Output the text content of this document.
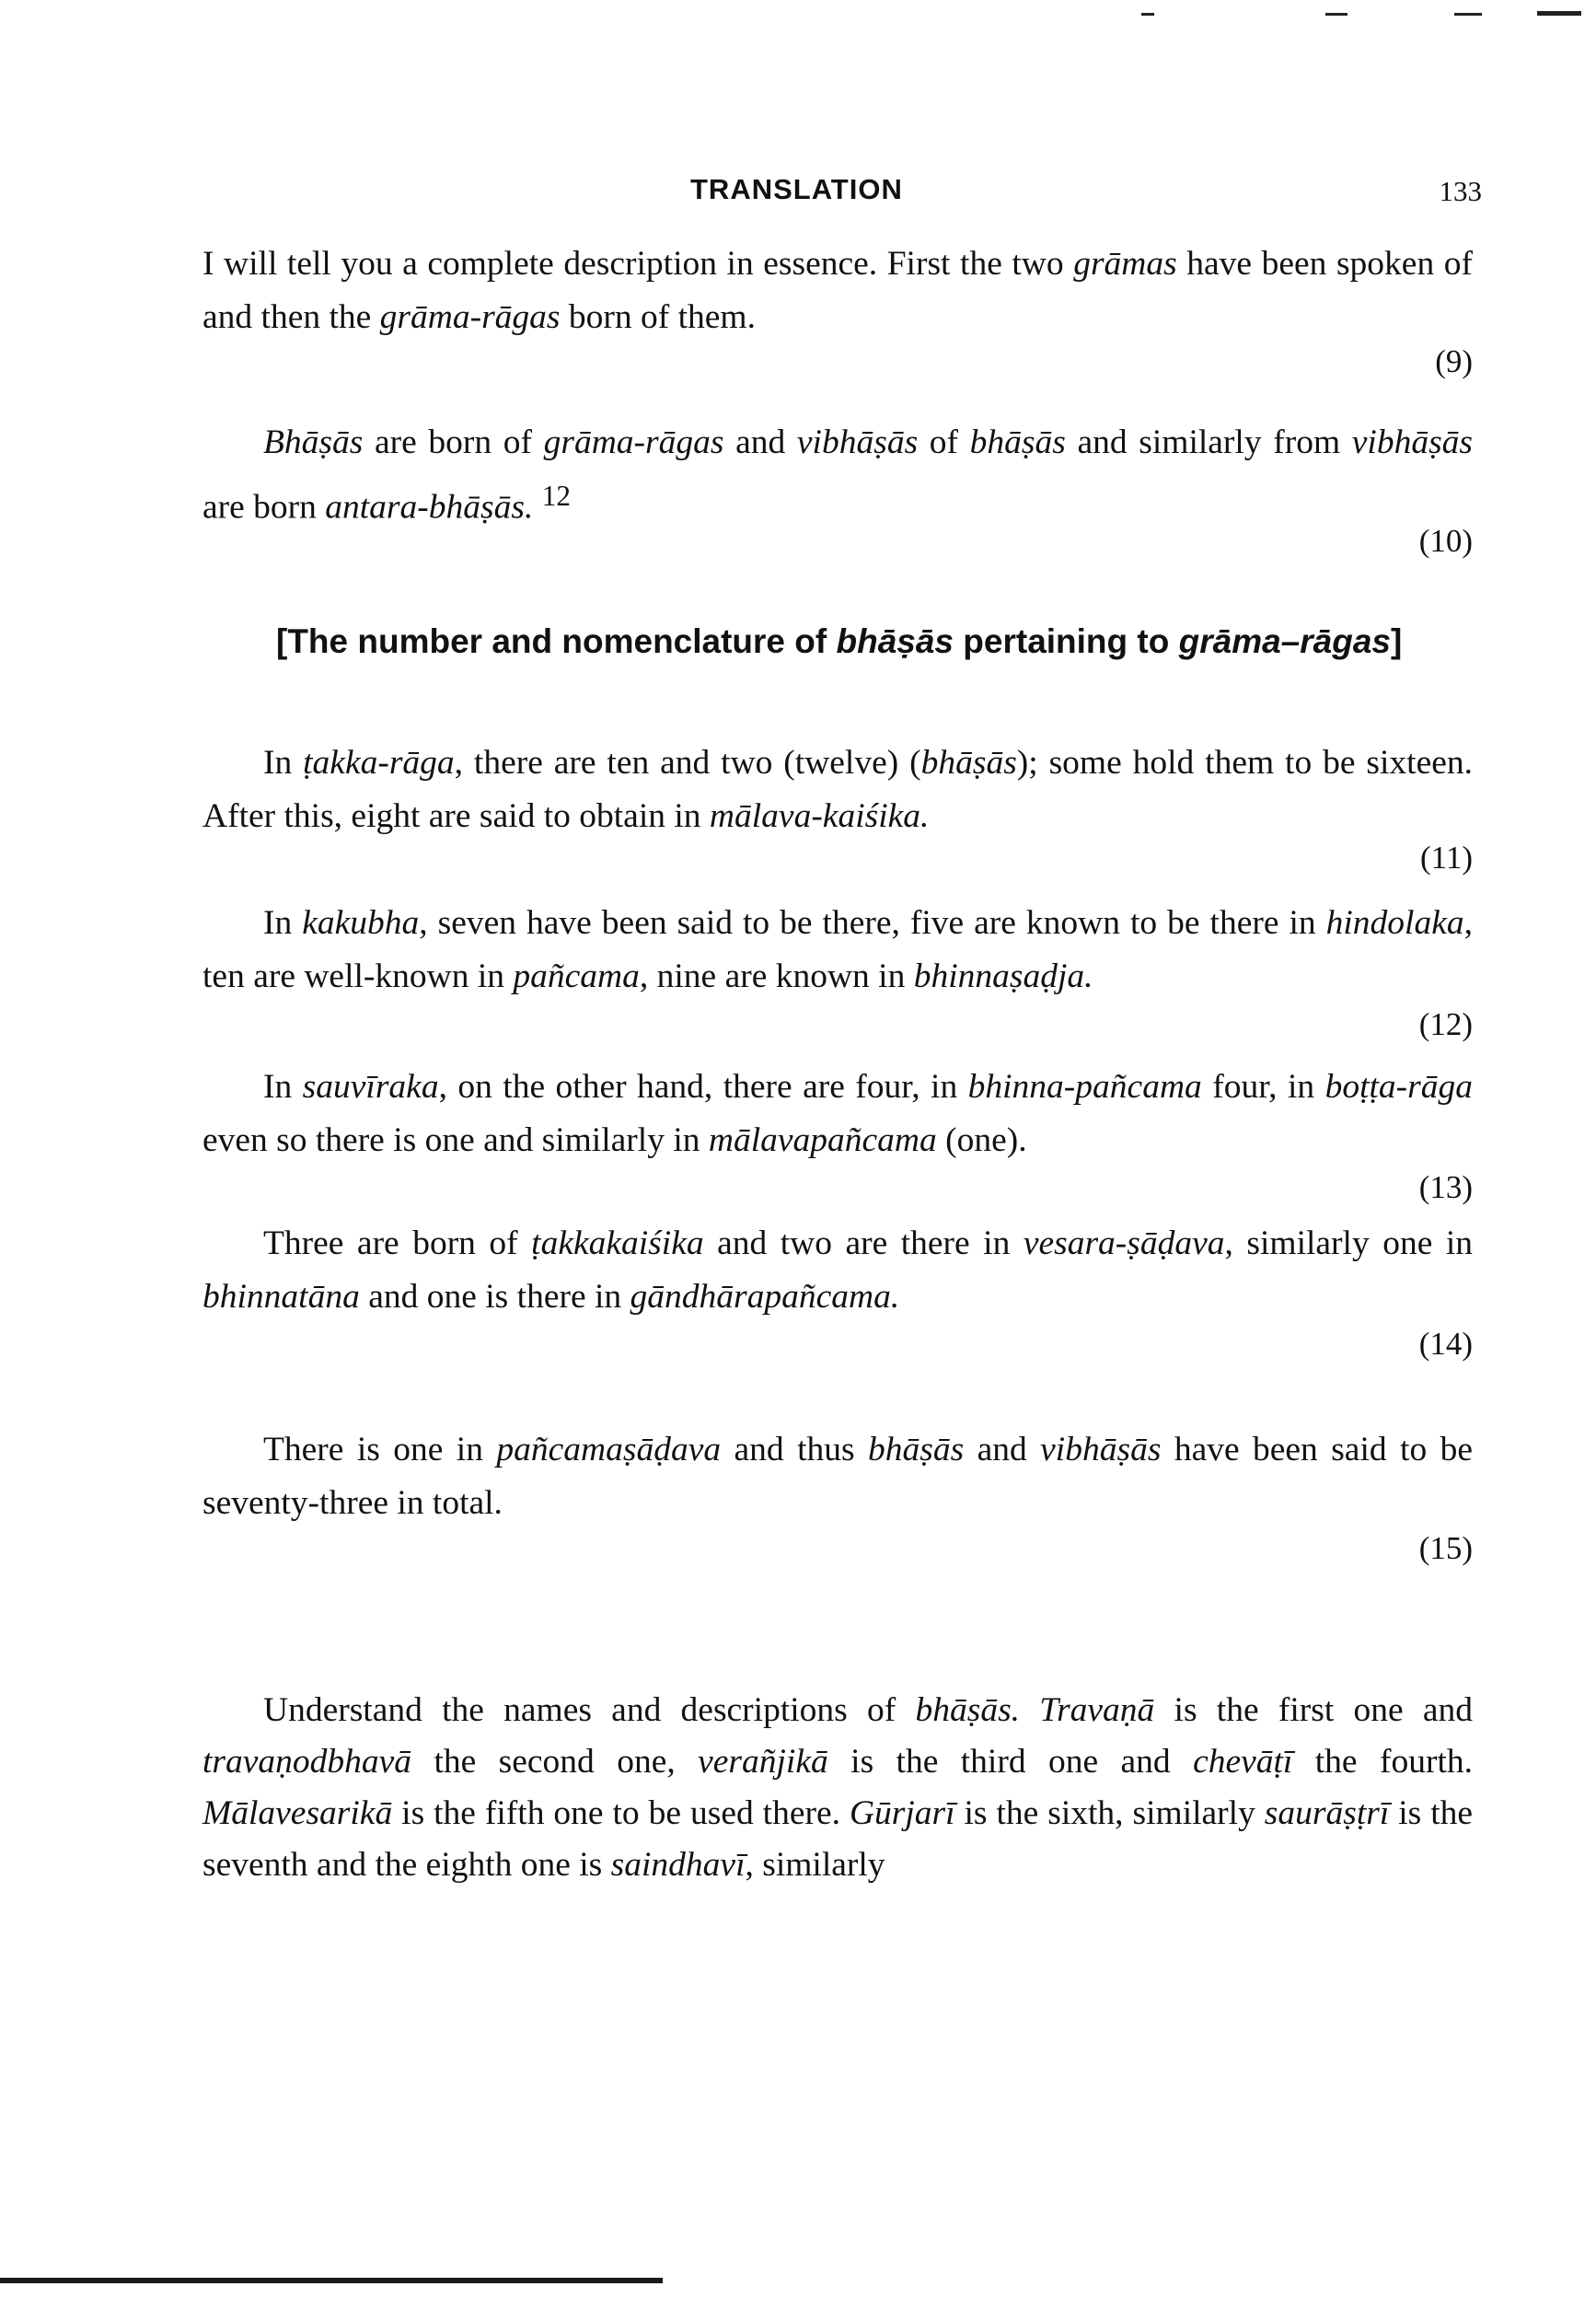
TRANSLATION	133

I will tell you a complete description in essence. First the two grāmas have been spoken of and then the grāma-rāgas born of them.

(9)

Bhāṣās are born of grāma-rāgas and vibhāṣās of bhāṣās and similarly from vibhāṣās are born antara-bhāṣās. $^{12}$

(10)
[The number and nomenclature of bhāṣās pertaining to grāma–rāgas]

In ṭakka-rāga, there are ten and two (twelve) (bhāṣās); some hold them to be sixteen. After this, eight are said to obtain in mālava-kaiśika.

(11)

In kakubha, seven have been said to be there, five are known to be there in hindolaka, ten are well-known in pañcama, nine are known in bhinnaṣaḍja.

(12)

In sauvīraka, on the other hand, there are four, in bhinna-pañcama four, in boṭṭa-rāga even so there is one and similarly in mālavapañcama (one).

(13)

Three are born of ṭakkakaiśika and two are there in vesara-ṣāḍava, similarly one in bhinnatāna and one is there in gāndhārapañcama.

(14)

There is one in pañcamaṣāḍava and thus bhāṣās and vibhāṣās have been said to be seventy-three in total.

(15)

Understand the names and descriptions of bhāṣās. Travaṇā is the first one and travaṇodbhavā the second one, verañjikā is the third one and chevāṭī the fourth. Mālavesarikā is the fifth one to be used there. Gūrjarī is the sixth, similarly saurāṣṭrī is the seventh and the eighth one is saindhavī, similarly
